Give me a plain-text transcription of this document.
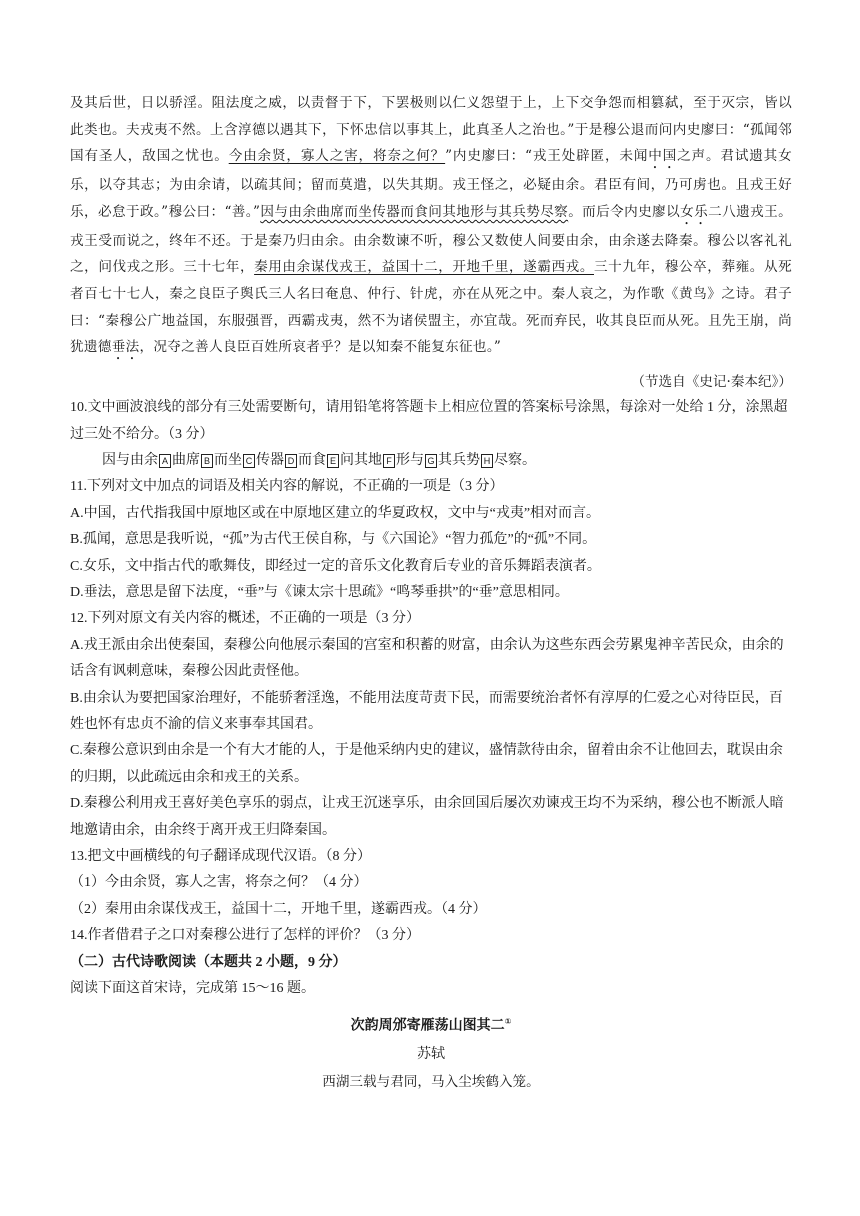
及其后世，日以骄淫。阻法度之威，以责督于下，下罢极则以仁义怨望于上，上下交争怨而相篡弑，至于灭宗，皆以此类也。夫戎夷不然。上含淳德以遇其下，下怀忠信以事其上，此真圣人之治也。”于是穆公退而问内史廖曰：“孤闻邻国有圣人，敌国之忧也。今由余贤，寡人之害，将奈之何？”内史廖曰：“戎王处辟匿，未闻中国之声。君试遗其女乐，以夺其志；为由余请，以疏其间；留而莫遣，以失其期。戎王怪之，必疑由余。君臣有间，乃可虏也。且戎王好乐，必怠于政。”穆公曰：“善。”因与由余曲席而坐传器而食问其地形与其兵势尽察。而后令内史廖以女乐二八遗戎王。戎王受而说之，终年不还。于是秦乃归由余。由余数谏不听，穆公又数使人间要由余，由余遂去降秦。穆公以客礼礼之，问伐戎之形。三十七年，秦用由余谋伐戎王，益国十二，开地千里，遂霸西戎。三十九年，穆公卒，葬雍。从死者百七十七人，秦之良臣子舆氏三人名曰奄息、仲行、针虎，亦在从死之中。秦人哀之，为作歌《黄鸟》之诗。君子曰：“秦穆公广地益国，东服强晋，西霸戎夷，然不为诸侯盟主，亦宜哉。死而弃民，收其良臣而从死。且先王崩，尚犹遗德垂法，况夺之善人良臣百姓所哀者乎？是以知秦不能复东征也。”

（节选自《史记·秦本纪》）

10.文中画波浪线的部分有三处需要断句，请用铅笔将答题卡上相应位置的答案标号涂黑，每涂对一处给 1 分，涂黑超过三处不给分。（3 分）

因与由余 A 曲席 B 而坐 C 传器 D 而食 E 问其地 F 形与 G 其兵势 H 尽察。

11.下列对文中加点的词语及相关内容的解说，不正确的一项是（3 分）

A.中国，古代指我国中原地区或在中原地区建立的华夏政权，文中与“戎夷”相对而言。

B.孤闻，意思是我听说，“孤”为古代王侯自称，与《六国论》“智力孤危”的“孤”不同。

C.女乐，文中指古代的歌舞伎，即经过一定的音乐文化教育后专业的音乐舞蹈表演者。

D.垂法，意思是留下法度，“垂”与《谏太宗十思疏》“鸣琴垂拱”的“垂”意思相同。

12.下列对原文有关内容的概述，不正确的一项是（3 分）

A.戎王派由余出使秦国，秦穆公向他展示秦国的宫室和积蓄的财富，由余认为这些东西会劳累鬼神辛苦民众，由余的话含有讽刺意味，秦穆公因此责怪他。

B.由余认为要把国家治理好，不能骄奢淫逸，不能用法度苛责下民，而需要统治者怀有淳厚的仁爱之心对待臣民，百姓也怀有忠贞不渝的信义来事奉其国君。

C.秦穆公意识到由余是一个有大才能的人，于是他采纳内史的建议，盛情款待由余，留着由余不让他回去，耽误由余的归期，以此疏远由余和戎王的关系。

D.秦穆公利用戎王喜好美色享乐的弱点，让戎王沉迷享乐，由余回国后屡次劝谏戎王均不为采纳，穆公也不断派人暗地邀请由余，由余终于离开戎王归降秦国。

13.把文中画横线的句子翻译成现代汉语。（8 分）

（1）今由余贤，寡人之害，将奈之何？（4 分）

（2）秦用由余谋伐戎王，益国十二，开地千里，遂霸西戎。（4 分）

14.作者借君子之口对秦穆公进行了怎样的评价？（3 分）

（二）古代诗歌阅读（本题共 2 小题，9 分）

阅读下面这首宋诗，完成第 15～16 题。

次韵周邠寄雁荡山图其二①
苏轼
西湖三载与君同，马入尘埃鹤入笼。
